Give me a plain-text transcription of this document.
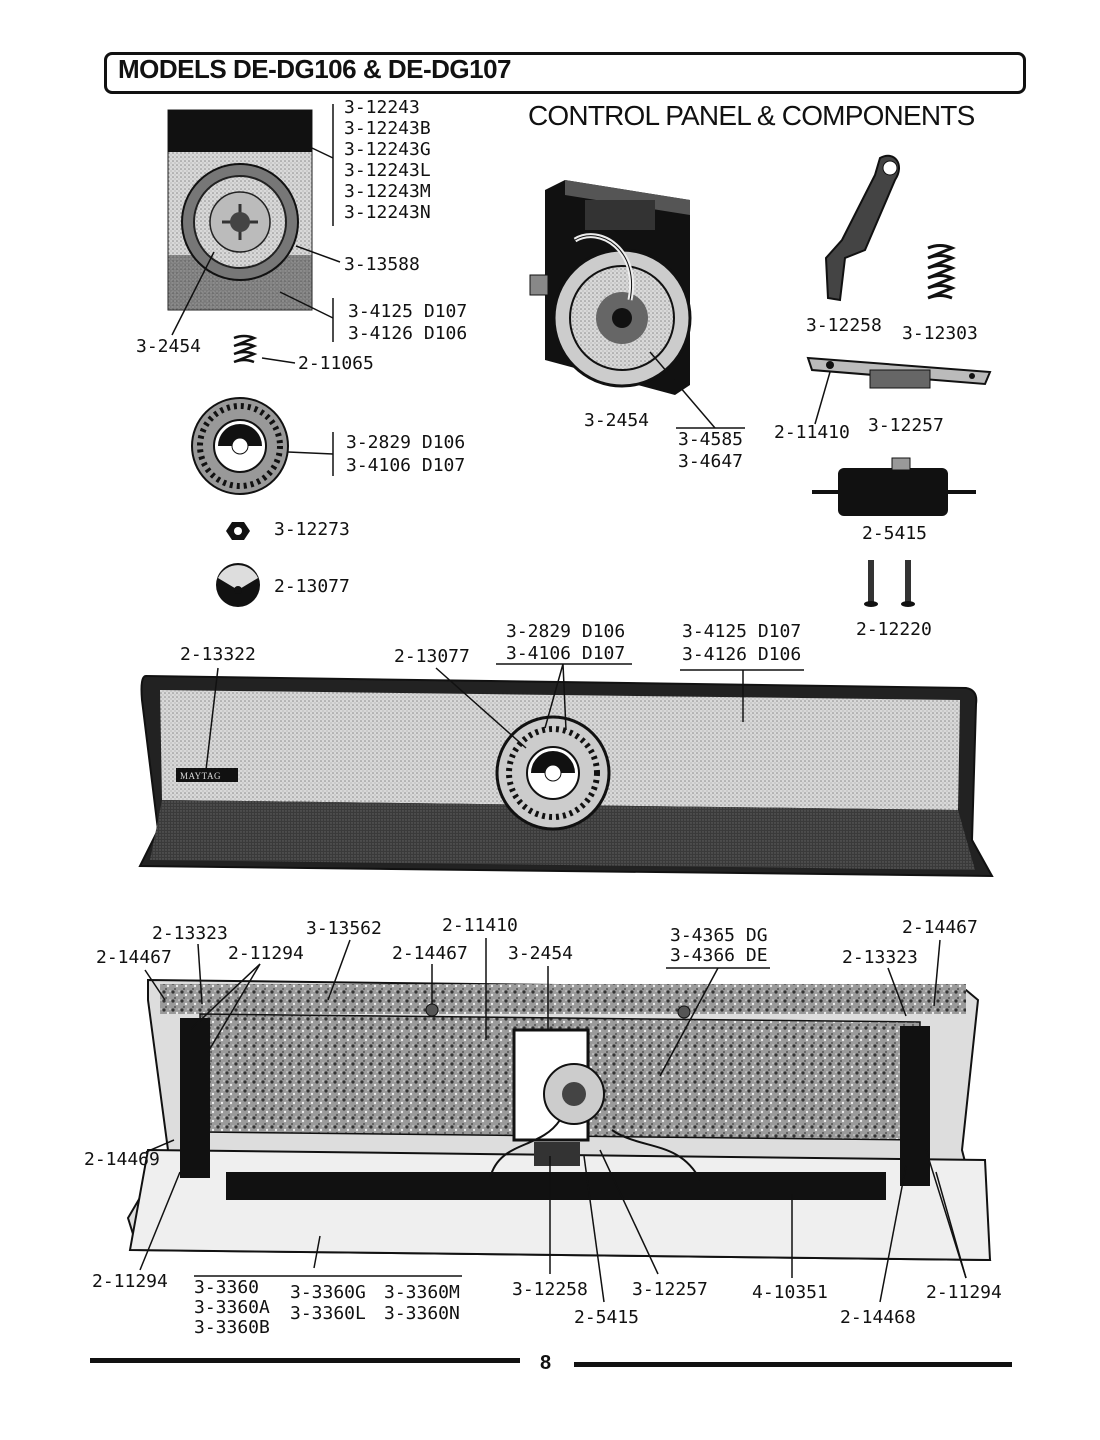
MAYTAG
MODELS DE-DG106 & DE-DG107
CONTROL PANEL & COMPONENTS
3-12243
3-12243B
3-12243G
3-12243L
3-12243M
3-12243N
3-13588
3-4125 D107
3-4126 D106
3-2454
2-11065
3-2829 D106
3-4106 D107
3-12273
2-13077
3-2454
3-4585
3-4647
3-12258 3-12303
2-11410 3-12257
2-5415
2-12220
2-13322	2-13077
3-2829 D106
3-4106 D107
3-4125 D107
3-4126 D106
2-13323
2-14467	2-11294
3-13562
2-14467
2-11410
3-2454
3-4365 DG
3-4366 DE	2-13323
2-14467
2-14469
2-11294 3-3360
3-3360A
3-3360B
3-3360G
3-3360L
3-3360M
3-3360N
3-12258
2-5415
3-12257 4-10351
2-14468
2-11294
8
